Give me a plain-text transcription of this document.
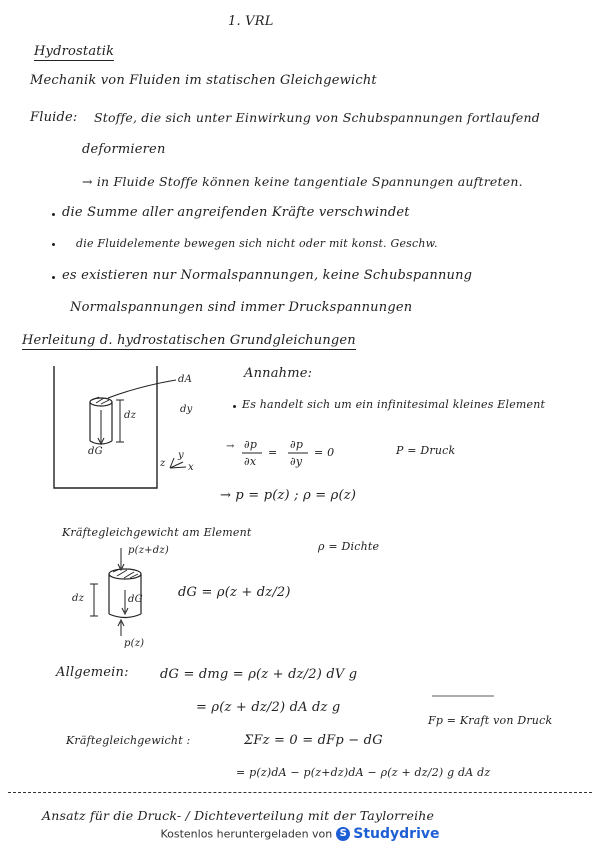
1. VRL
Hydrostatik
Mechanik von Fluiden im statischen Gleichgewicht
Fluide: Stoffe, die sich unter Einwirkung von Schubspannungen fortlaufend
deformieren
→ in Fluide Stoffe können keine tangentiale Spannungen auftreten.
die Summe aller angreifenden Kräfte verschwindet
die Fluidelemente bewegen sich nicht oder mit konst. Geschw.
es existieren nur Normalspannungen, keine Schubspannung
Normalspannungen sind immer Druckspannungen
Herleitung d. hydrostatischen Grundgleichungen
dA
dz
dG
dy
z x
y
Annahme:
Es handelt sich um ein infinitesimal kleines Element
→ ∂p
∂x
=
∂p
∂y
= 0	P = Druck
→ p = p(z) ; ρ = ρ(z)
Kräftegleichgewicht am Element
ρ = Dichte
p(z+dz)
p(z)
dz	dG	dG = ρ(z + dz/2)
Allgemein: dG = dmg = ρ(z + dz/2) dV g
= ρ(z + dz/2) dA dz g
Fp = Kraft von Druck
Kräftegleichgewicht :	ΣFz = 0 = dFp − dG
= p(z)dA − p(z+dz)dA − ρ(z + dz/2) g dA dz
Ansatz für die Druck- / Dichteverteilung mit der Taylorreihe
Kostenlos heruntergeladen von S Studydrive
